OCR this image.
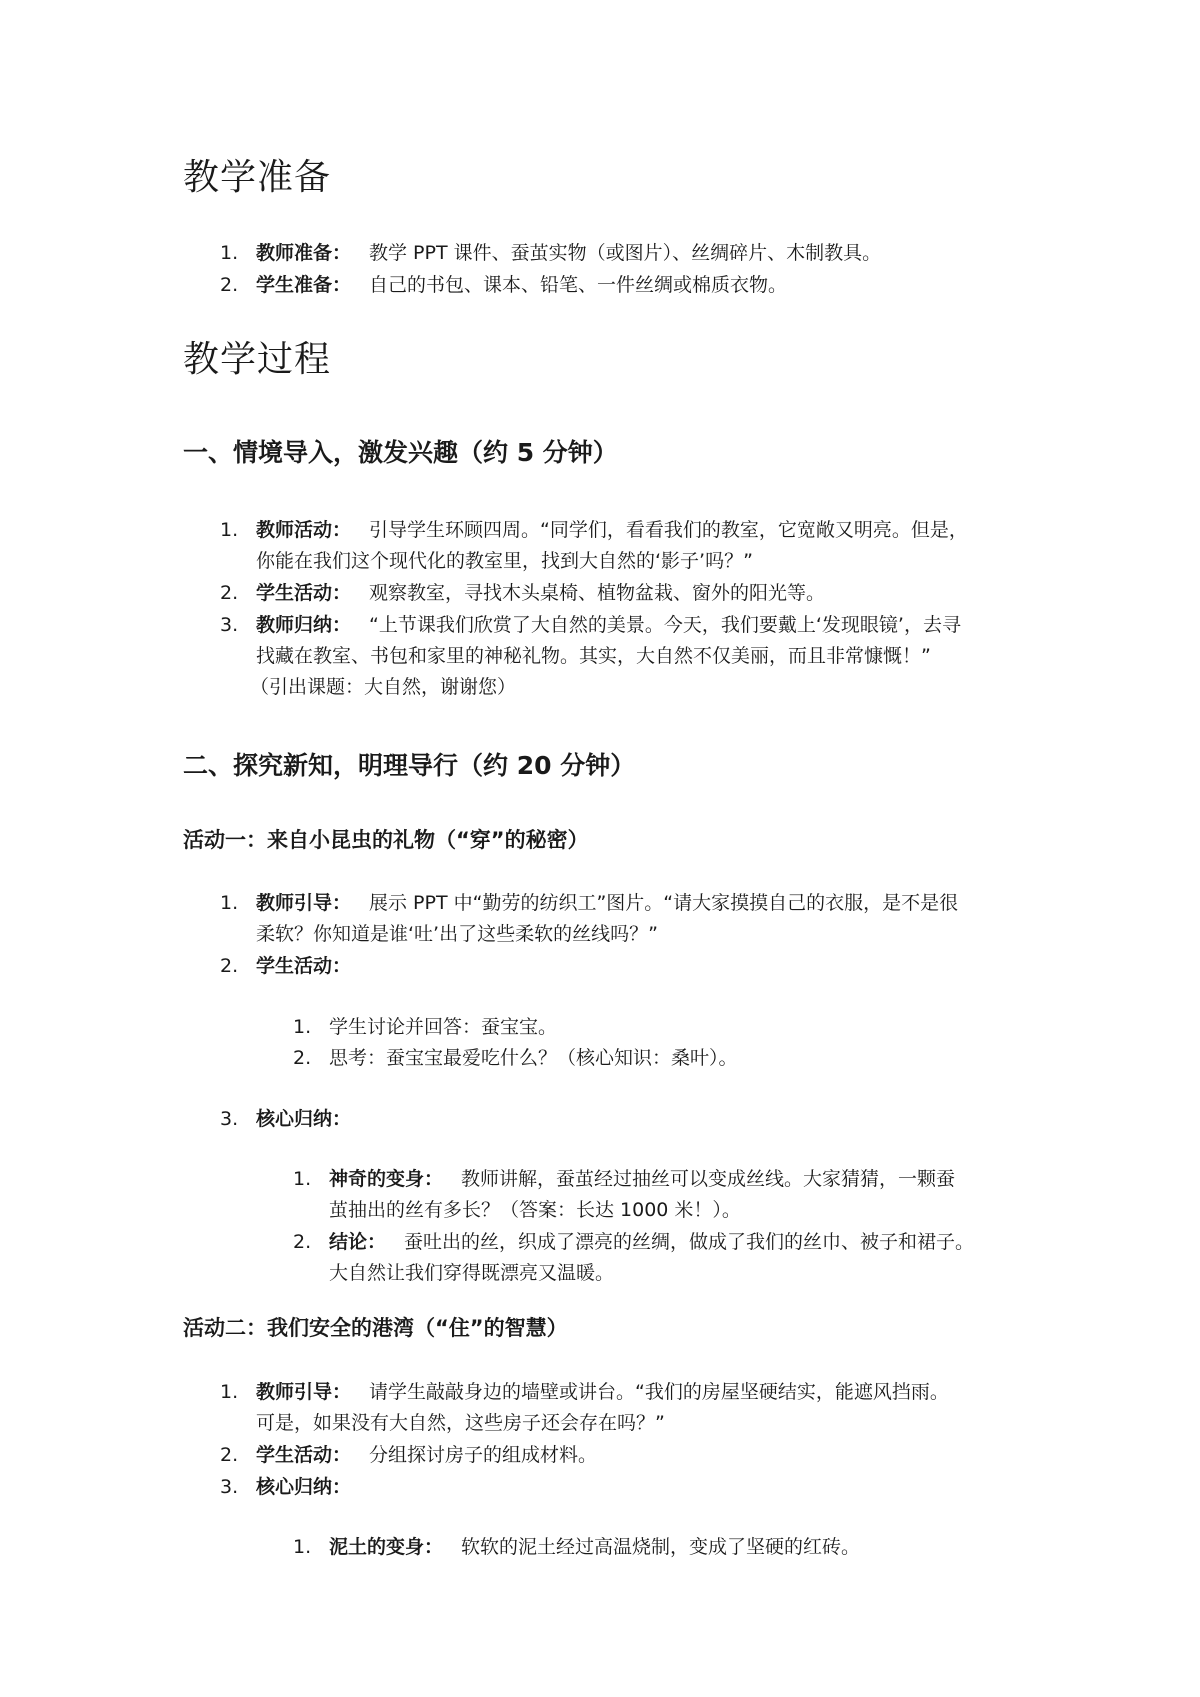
教学准备
1. 教师准备： 教学 PPT 课件、蚕茧实物（或图片）、丝绸碎片、木制教具。
2. 学生准备： 自己的书包、课本、铅笔、一件丝绸或棉质衣物。
教学过程
一、情境导入，激发兴趣（约 5 分钟）
1. 教师活动： 引导学生环顾四周。“同学们，看看我们的教室，它宽敞又明亮。但是，
你能在我们这个现代化的教室里，找到大自然的‘影子’吗？”
2. 学生活动： 观察教室，寻找木头桌椅、植物盆栽、窗外的阳光等。
3. 教师归纳： “上节课我们欣赏了大自然的美景。今天，我们要戴上‘发现眼镜’，去寻
找藏在教室、书包和家里的神秘礼物。其实，大自然不仅美丽，而且非常慷慨！”
（引出课题：大自然，谢谢您）
二、探究新知，明理导行（约 20 分钟）
活动一：来自小昆虫的礼物（“穿”的秘密）
1. 教师引导： 展示 PPT 中“勤劳的纺织工”图片。“请大家摸摸自己的衣服，是不是很
柔软？你知道是谁‘吐’出了这些柔软的丝线吗？”
2. 学生活动：
1. 学生讨论并回答：蚕宝宝。
2. 思考：蚕宝宝最爱吃什么？（核心知识：桑叶）。
3. 核心归纳：
1. 神奇的变身： 教师讲解，蚕茧经过抽丝可以变成丝线。大家猜猜，一颗蚕
茧抽出的丝有多长？（答案：长达 1000 米！）。
2. 结论： 蚕吐出的丝，织成了漂亮的丝绸，做成了我们的丝巾、被子和裙子。
大自然让我们穿得既漂亮又温暖。
活动二：我们安全的港湾（“住”的智慧）
1. 教师引导： 请学生敲敲身边的墙壁或讲台。“我们的房屋坚硬结实，能遮风挡雨。
可是，如果没有大自然，这些房子还会存在吗？”
2. 学生活动： 分组探讨房子的组成材料。
3. 核心归纳：
1. 泥土的变身： 软软的泥土经过高温烧制，变成了坚硬的红砖。
